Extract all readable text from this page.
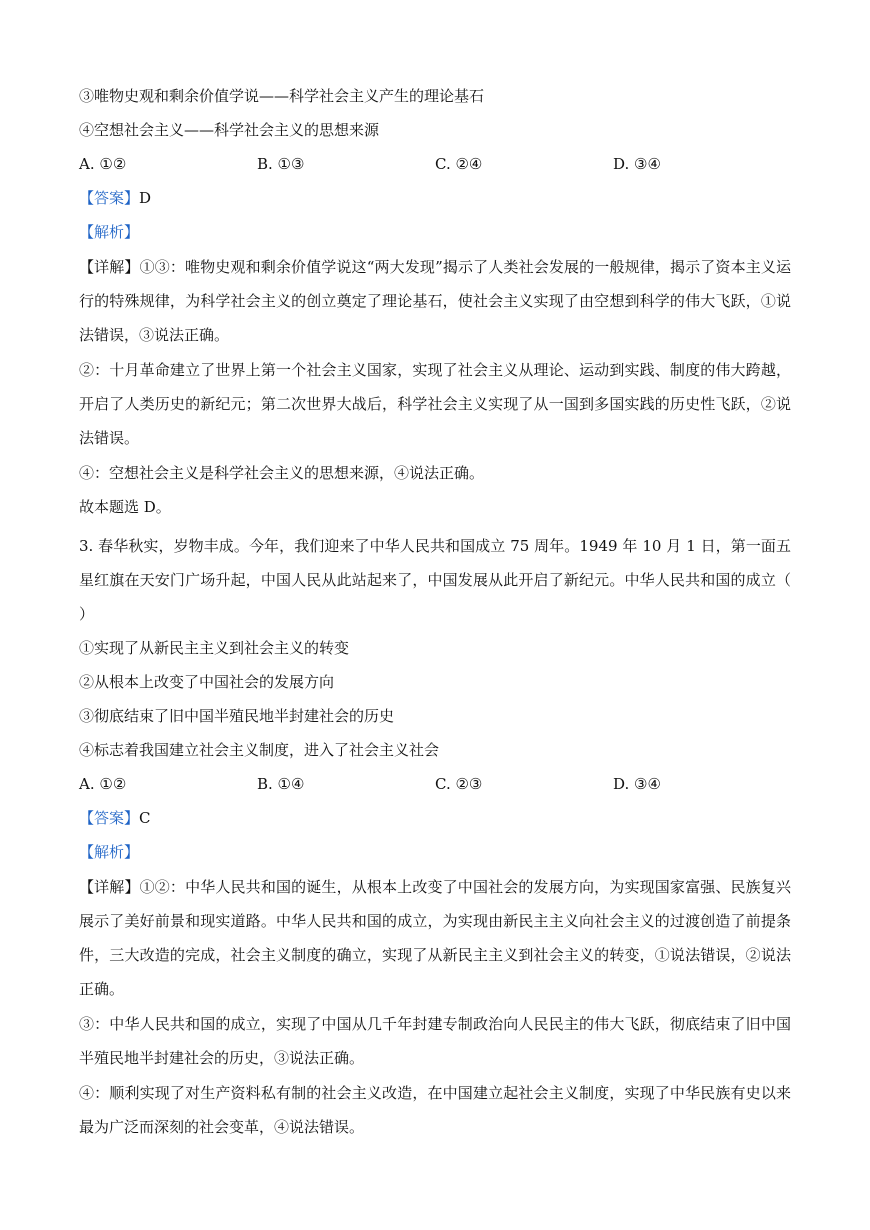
③唯物史观和剩余价值学说——科学社会主义产生的理论基石
④空想社会主义——科学社会主义的思想来源
A. ①②	B. ①③	C. ②④	D. ③④
【答案】D
【解析】
【详解】①③：唯物史观和剩余价值学说这“两大发现”揭示了人类社会发展的一般规律，揭示了资本主义运行的特殊规律，为科学社会主义的创立奠定了理论基石，使社会主义实现了由空想到科学的伟大飞跃，①说法错误，③说法正确。
②：十月革命建立了世界上第一个社会主义国家，实现了社会主义从理论、运动到实践、制度的伟大跨越，开启了人类历史的新纪元；第二次世界大战后，科学社会主义实现了从一国到多国实践的历史性飞跃，②说法错误。
④：空想社会主义是科学社会主义的思想来源，④说法正确。
故本题选 D。
3. 春华秋实，岁物丰成。今年，我们迎来了中华人民共和国成立 75 周年。1949 年 10 月 1 日，第一面五星红旗在天安门广场升起，中国人民从此站起来了，中国发展从此开启了新纪元。中华人民共和国的成立（　　）
①实现了从新民主主义到社会主义的转变
②从根本上改变了中国社会的发展方向
③彻底结束了旧中国半殖民地半封建社会的历史
④标志着我国建立社会主义制度，进入了社会主义社会
A. ①②	B. ①④	C. ②③	D. ③④
【答案】C
【解析】
【详解】①②：中华人民共和国的诞生，从根本上改变了中国社会的发展方向，为实现国家富强、民族复兴展示了美好前景和现实道路。中华人民共和国的成立，为实现由新民主主义向社会主义的过渡创造了前提条件，三大改造的完成，社会主义制度的确立，实现了从新民主主义到社会主义的转变，①说法错误，②说法正确。
③：中华人民共和国的成立，实现了中国从几千年封建专制政治向人民民主的伟大飞跃，彻底结束了旧中国半殖民地半封建社会的历史，③说法正确。
④：顺利实现了对生产资料私有制的社会主义改造，在中国建立起社会主义制度，实现了中华民族有史以来最为广泛而深刻的社会变革，④说法错误。
